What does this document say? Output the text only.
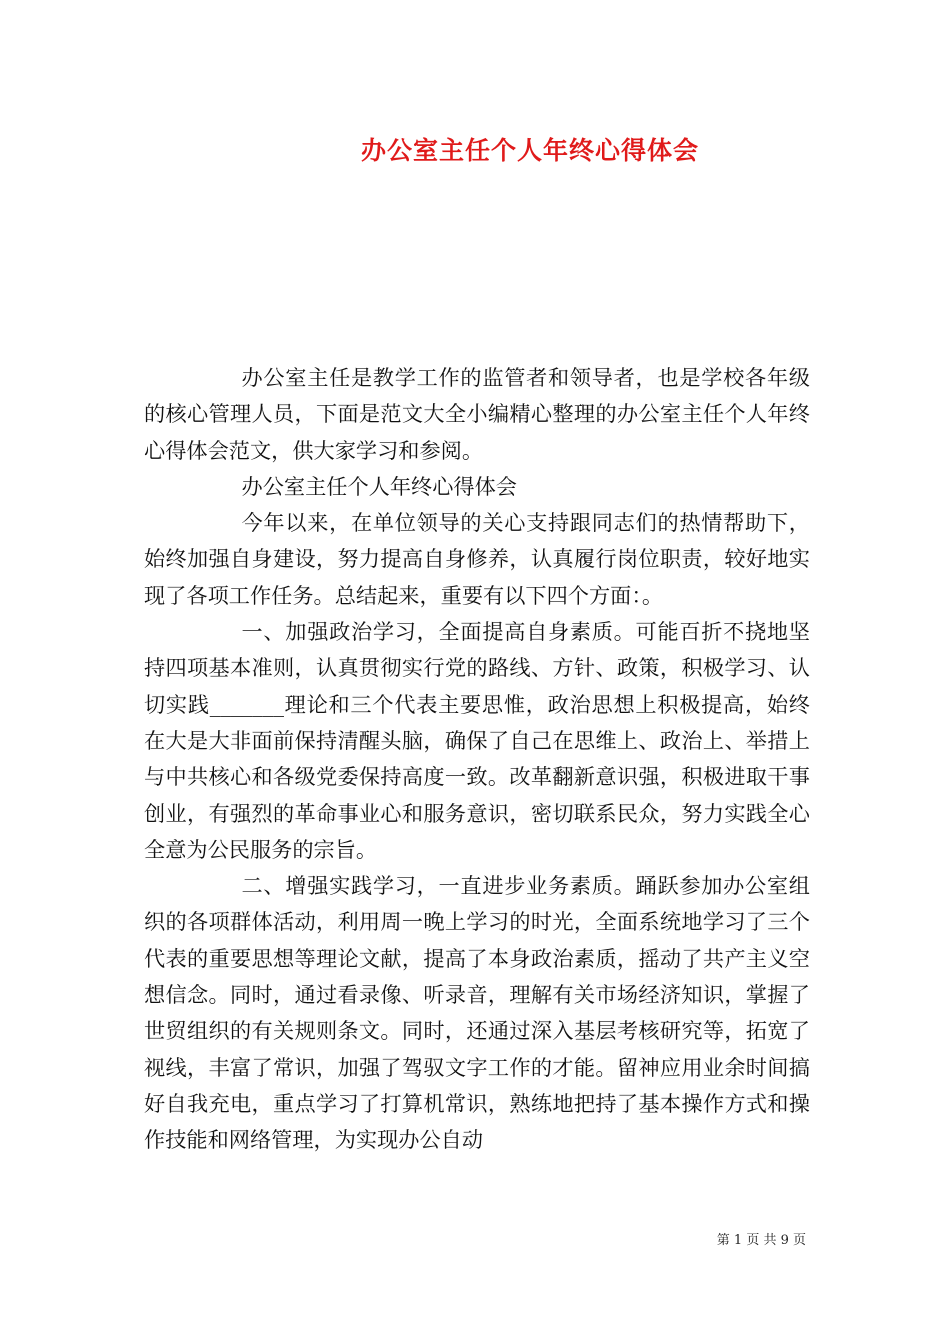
办公室主任个人年终心得体会

办公室主任是教学工作的监管者和领导者，也是学校各年级的核心管理人员，下面是范文大全小编精心整理的办公室主任个人年终心得体会范文，供大家学习和参阅。

办公室主任个人年终心得体会

今年以来，在单位领导的关心支持跟同志们的热情帮助下，始终加强自身建设，努力提高自身修养，认真履行岗位职责，较好地实现了各项工作任务。总结起来，重要有以下四个方面：。

一、加强政治学习，全面提高自身素质。可能百折不挠地坚持四项基本准则，认真贯彻实行党的路线、方针、政策，积极学习、认切实践_______理论和三个代表主要思惟，政治思想上积极提高，始终在大是大非面前保持清醒头脑，确保了自己在思维上、政治上、举措上与中共核心和各级党委保持高度一致。改革翻新意识强，积极进取干事创业，有强烈的革命事业心和服务意识，密切联系民众，努力实践全心全意为公民服务的宗旨。

二、增强实践学习，一直进步业务素质。踊跃参加办公室组织的各项群体活动，利用周一晚上学习的时光，全面系统地学习了三个代表的重要思想等理论文献，提高了本身政治素质，摇动了共产主义空想信念。同时，通过看录像、听录音，理解有关市场经济知识，掌握了世贸组织的有关规则条文。同时，还通过深入基层考核研究等，拓宽了视线，丰富了常识，加强了驾驭文字工作的才能。留神应用业余时间搞好自我充电，重点学习了打算机常识，熟练地把持了基本操作方式和操作技能和网络管理，为实现办公自动

第 1 页 共 9 页
